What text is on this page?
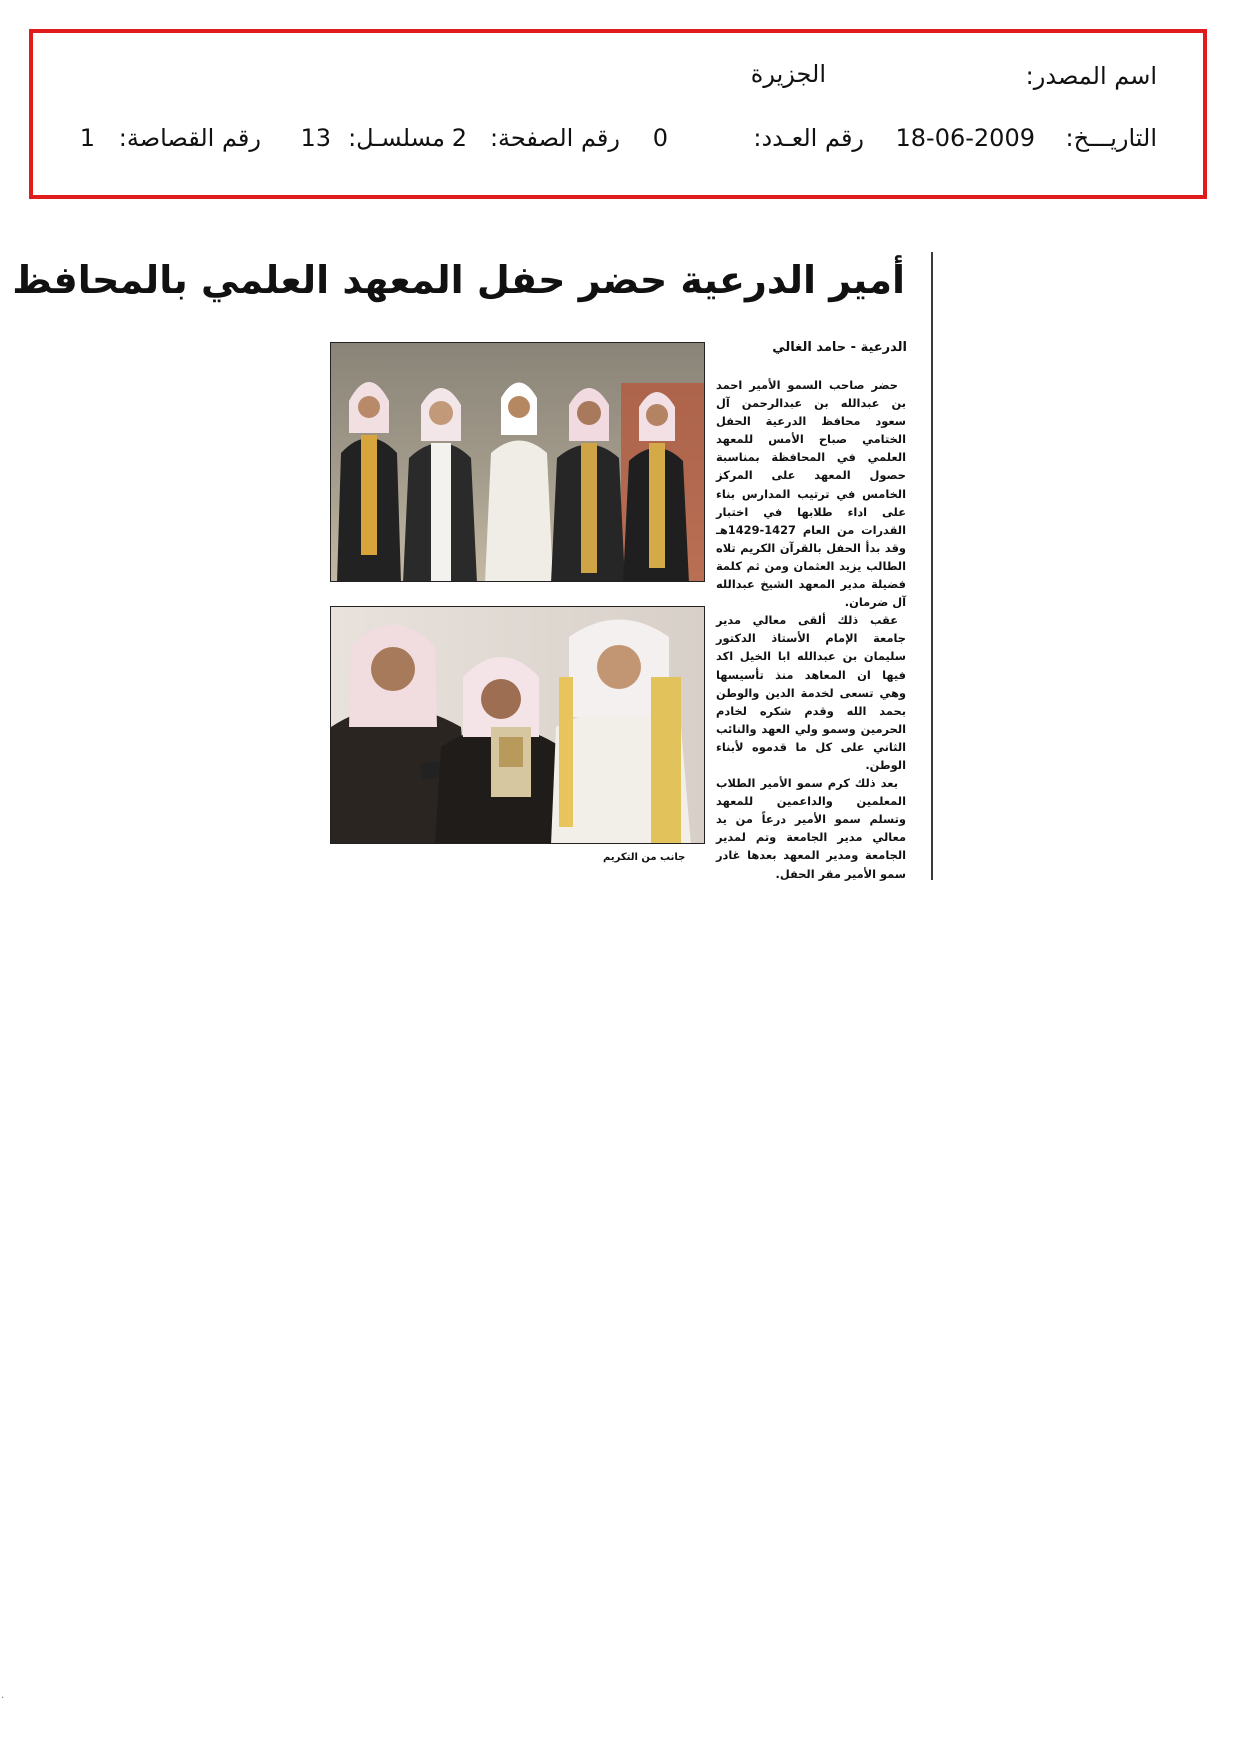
اسم المصدر:
الجزيرة
التاريـــخ:
18-06-2009
رقم العـدد:
0
رقم الصفحة:
2
مسلسـل:
13
رقم القصاصة:
1
أمير الدرعية حضر حفل المعهد العلمي بالمحافظ
الدرعية - حامد الغالي

حضر صاحب السمو الأمير احمد بن عبدالله بن عبدالرحمن آل سعود محافظ الدرعية الحفل الختامي صباح الأمس للمعهد العلمي في المحافظة بمناسبة حصول المعهد على المركز الخامس في ترتيب المدارس بناء على اداء طلابها في اختبار القدرات من العام 1427-1429هـ وقد بدأ الحفل بالقرآن الكريم تلاه الطالب يزيد العثمان ومن ثم كلمة فضيلة مدير المعهد الشيخ عبدالله آل ضرمان.

عقب ذلك ألقى معالي مدير جامعة الإمام الأستاذ الدكتور سليمان بن عبدالله ابا الخيل اكد فيها ان المعاهد منذ تأسيسها وهي تسعى لخدمة الدين والوطن بحمد الله وقدم شكره لخادم الحرمين وسمو ولي العهد والنائب الثاني على كل ما قدموه لأبناء الوطن.

بعد ذلك كرم سمو الأمير الطلاب المعلمين والداعمين للمعهد وتسلم سمو الأمير درعاً من يد معالي مدير الجامعة وتم لمدير الجامعة ومدير المعهد بعدها غادر سمو الأمير مقر الحفل.

جانب من التكريم
.
